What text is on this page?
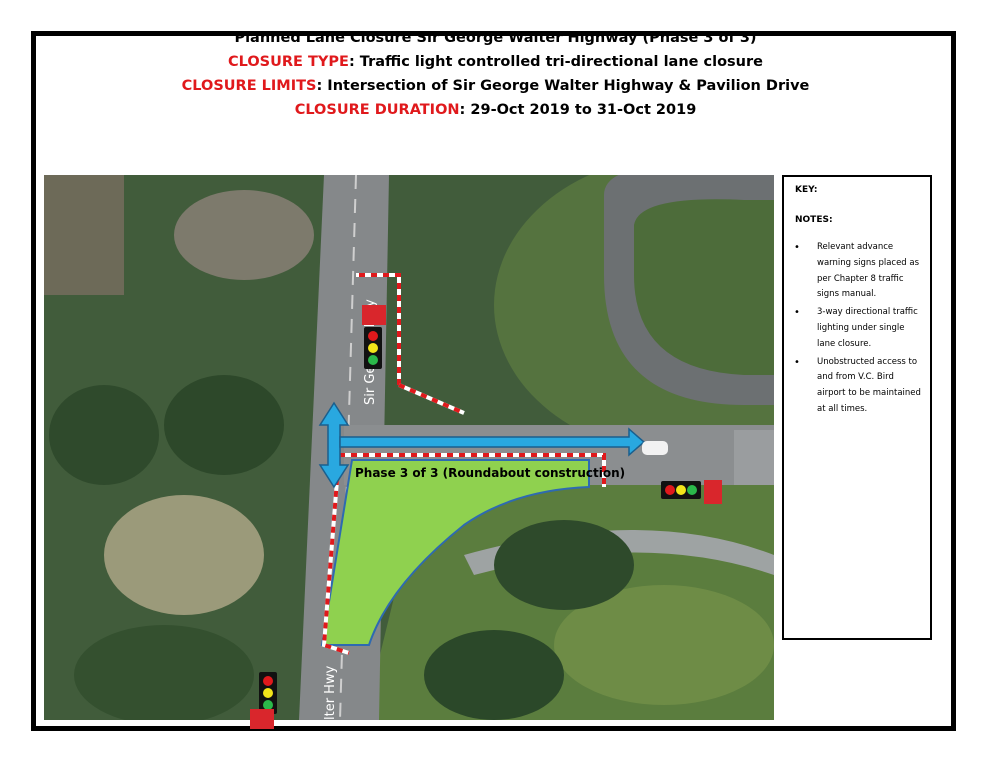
Planned Lane Closure Sir George Walter Highway (Phase 3 of 3)
CLOSURE TYPE: Traffic light controlled tri-directional lane closure
CLOSURE LIMITS: Intersection of Sir George Walter Highway & Pavilion Drive
CLOSURE DURATION: 29-Oct 2019 to 31-Oct 2019
Sir Ge
lter Hwy
Phase 3 of 3 (Roundabout construction)
KEY:
NOTES:
• Relevant advance warning signs placed as per Chapter 8 traffic signs manual.
• 3-way directional traffic lighting under single lane closure.
• Unobstructed access to and from V.C. Bird airport to be maintained at all times.
